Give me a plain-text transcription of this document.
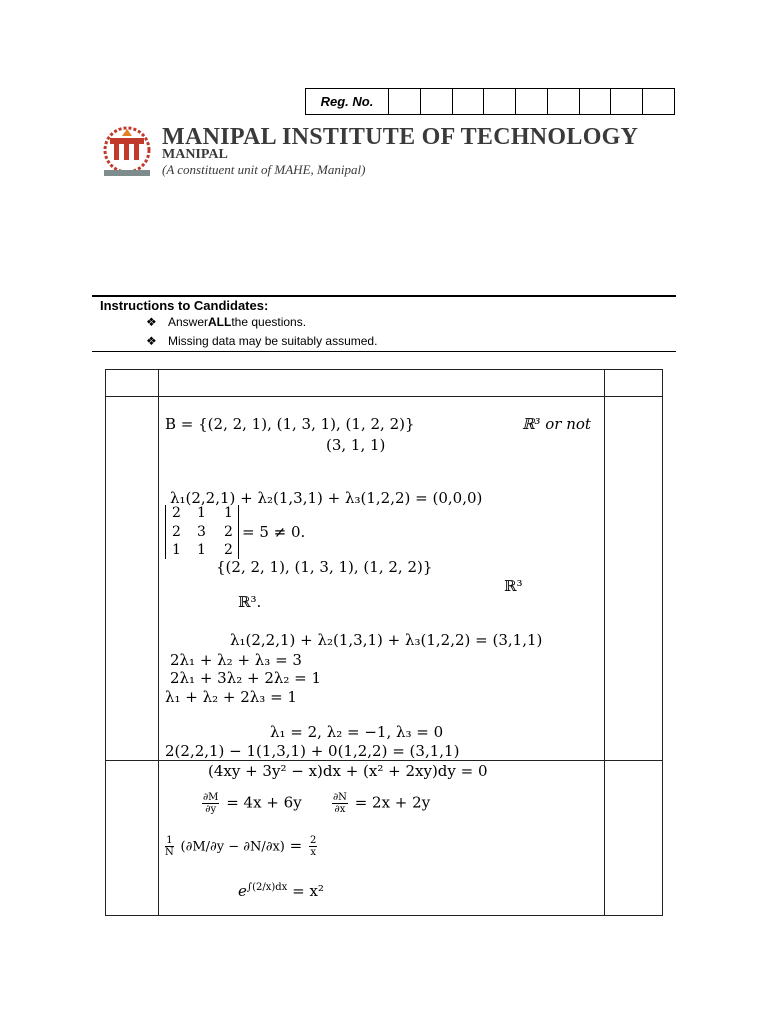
Reg. No.
MANIPAL INSTITUTE OF TECHNOLOGY
MANIPAL
(A constituent unit of MAHE, Manipal)
Instructions to Candidates:
❖ Answer ALL the questions.
❖ Missing data may be suitably assumed.
B = {(2, 2, 1), (1, 3, 1), (1, 2, 2)}	ℝ³ or not
(3, 1, 1)
λ₁(2,2,1) + λ₂(1,3,1) + λ₃(1,2,2) = (0,0,0)
2 1 1
2 3 2
1 1 2
= 5 ≠ 0.
{(2, 2, 1), (1, 3, 1), (1, 2, 2)}
ℝ³
ℝ³.
λ₁(2,2,1) + λ₂(1,3,1) + λ₃(1,2,2) = (3,1,1)
2λ₁ + λ₂ + λ₃ = 3
2λ₁ + 3λ₂ + 2λ₂ = 1
λ₁ + λ₂ + 2λ₃ = 1
λ₁ = 2, λ₂ = −1, λ₃ = 0
2(2,2,1) − 1(1,3,1) + 0(1,2,2) = (3,1,1)
(4xy + 3y² − x)dx + (x² + 2xy)dy = 0
$\frac{\partial M}{\partial y} = 4x + 6y$	$\frac{\partial N}{\partial x} = 2x + 2y$
$\frac{1}{N} (\partial M/\partial y - \partial N/\partial x) = \frac{2}{x}$
$e^{\int(2/x)dx} = x^2$
